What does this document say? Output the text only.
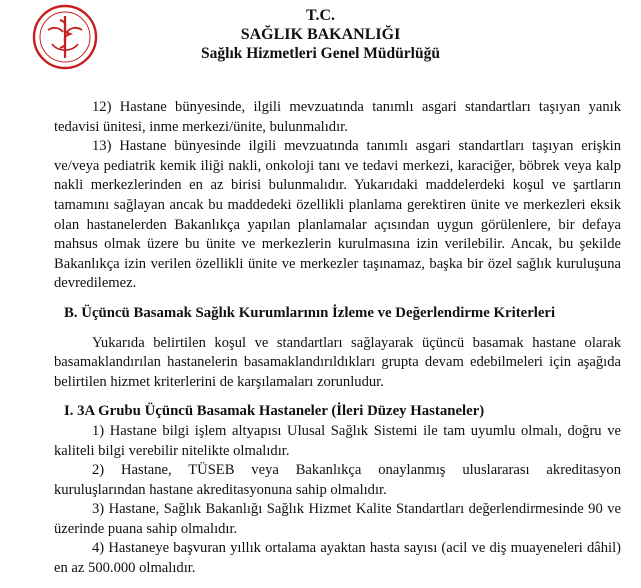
T.C.
SAĞLIK BAKANLIĞI
Sağlık Hizmetleri Genel Müdürlüğü

12) Hastane bünyesinde, ilgili mevzuatında tanımlı asgari standartları taşıyan yanık tedavisi ünitesi, inme merkezi/ünite, bulunmalıdır.

13) Hastane bünyesinde ilgili mevzuatında tanımlı asgari standartları taşıyan erişkin ve/veya pediatrik kemik iliği nakli, onkoloji tanı ve tedavi merkezi, karaciğer, böbrek veya kalp nakli merkezlerinden en az birisi bulunmalıdır. Yukarıdaki maddelerdeki koşul ve şartların tamamını sağlayan ancak bu maddedeki özellikli planlama gerektiren ünite ve merkezleri eksik olan hastanelerden Bakanlıkça yapılan planlamalar açısından uygun görülenlere, bir defaya mahsus olmak üzere bu ünite ve merkezlerin kurulmasına izin verilebilir. Ancak, bu şekilde Bakanlıkça izin verilen özellikli ünite ve merkezler taşınamaz, başka bir özel sağlık kuruluşuna devredilemez.

B. Üçüncü Basamak Sağlık Kurumlarının İzleme ve Değerlendirme Kriterleri

Yukarıda belirtilen koşul ve standartları sağlayarak üçüncü basamak hastane olarak basamaklandırılan hastanelerin basamaklandırıldıkları grupta devam edebilmeleri için aşağıda belirtilen hizmet kriterlerini de karşılamaları zorunludur.

I. 3A Grubu Üçüncü Basamak Hastaneler (İleri Düzey Hastaneler)

1) Hastane bilgi işlem altyapısı Ulusal Sağlık Sistemi ile tam uyumlu olmalı, doğru ve kaliteli bilgi verebilir nitelikte olmalıdır.

2) Hastane, TÜSEB veya Bakanlıkça onaylanmış uluslararası akreditasyon kuruluşlarından hastane akreditasyonuna sahip olmalıdır.

3) Hastane, Sağlık Bakanlığı Sağlık Hizmet Kalite Standartları değerlendirmesinde 90 ve üzerinde puana sahip olmalıdır.

4) Hastaneye başvuran yıllık ortalama ayaktan hasta sayısı (acil ve diş muayeneleri dâhil) en az 500.000 olmalıdır.
